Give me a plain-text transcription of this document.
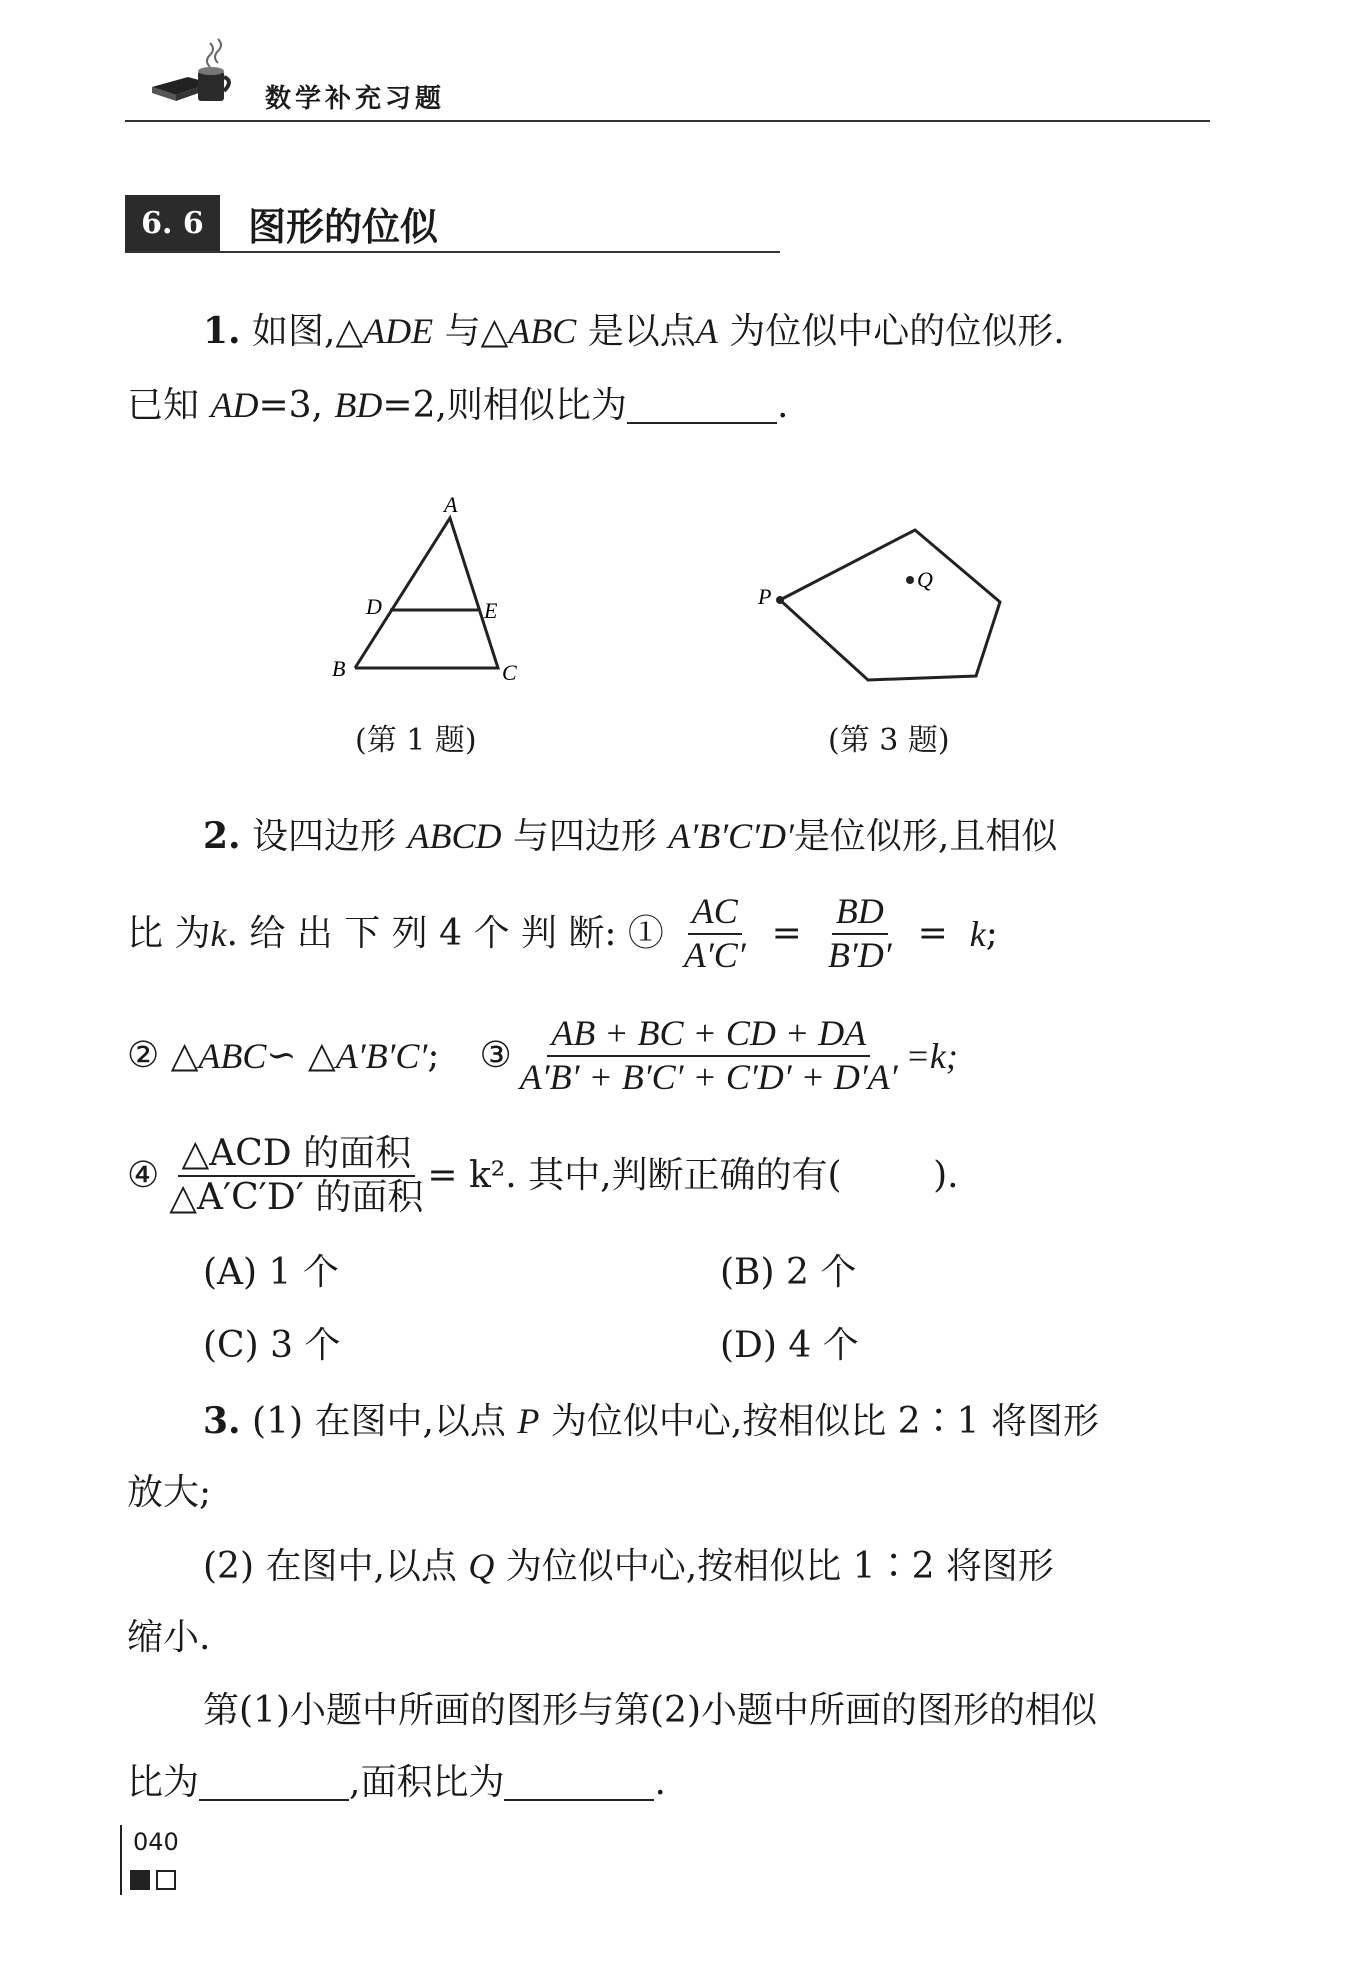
数学补充习题
6. 6	图形的位似
1. 如图,△ADE 与△ABC 是以点A 为位似中心的位似形.
已知 AD=3, BD=2,则相似比为	.
A
D	E
B	C
(第 1 题)
P
Q
(第 3 题)
2. 设四边形 ABCD 与四边形 A′B′C′D′是位似形,且相似
比 为 k . 给 出 下 列 4 个 判 断: ① $\frac{AC}{A'C'} = \frac{BD}{B'D'} = k$ ;
② △ ABC ∽ △ A′B′C′ ; ③ $\frac{AB + BC + CD + DA}{A'B' + B'C' + C'D' + D'A'} =k$;
④ $\frac{\text{△ACD 的面积}}{\text{△A′C′D′ 的面积}} = k^2$. 其中,判断正确的有( ).
(A) 1 个	(B) 2 个
(C) 3 个	(D) 4 个
3. (1) 在图中,以点 P 为位似中心,按相似比 2∶1 将图形
放大;
(2) 在图中,以点 Q 为位似中心,按相似比 1∶2 将图形
缩小.
第(1)小题中所画的图形与第(2)小题中所画的图形的相似
比为	,面积比为	.
040
